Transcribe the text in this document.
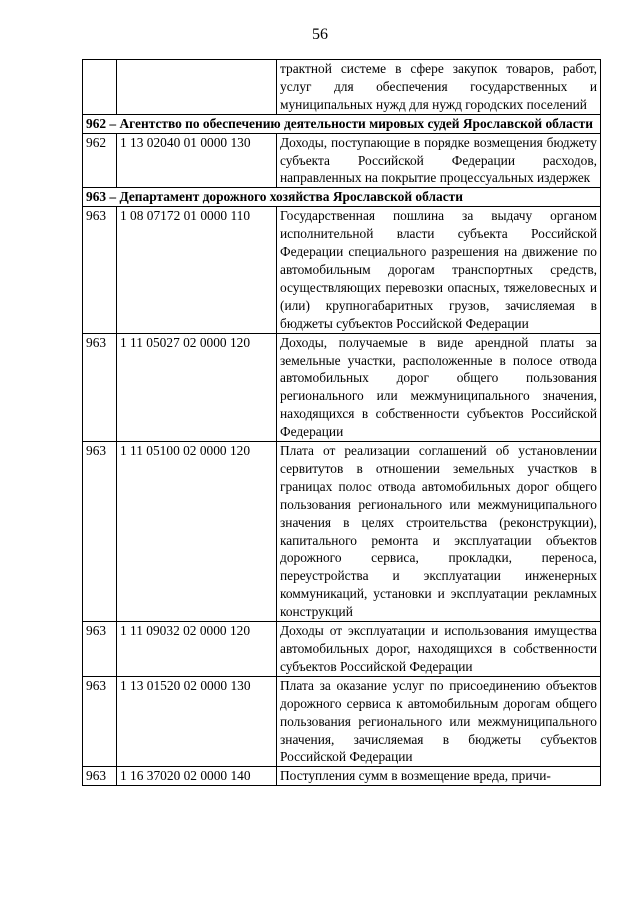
56
		трактной системе в сфере закупок товаров, работ, услуг для обеспечения государственных и муниципальных нужд для нужд городских поселений
962 – Агентство по обеспечению деятельности мировых судей Ярославской области		
962	1 13 02040 01 0000 130	Доходы, поступающие в порядке возмещения бюджету субъекта Российской Федерации расходов, направленных на покрытие процессуальных издержек
963 – Департамент дорожного хозяйства Ярославской области		
963	1 08 07172 01 0000 110	Государственная пошлина за выдачу органом исполнительной власти субъекта Российской Федерации специального разрешения на движение по автомобильным дорогам транспортных средств, осуществляющих перевозки опасных, тяжеловесных и (или) крупногабаритных грузов, зачисляемая в бюджеты субъектов Российской Федерации
963	1 11 05027 02 0000 120	Доходы, получаемые в виде арендной платы за земельные участки, расположенные в полосе отвода автомобильных дорог общего пользования регионального или межмуниципального значения, находящихся в собственности субъектов Российской Федерации
963	1 11 05100 02 0000 120	Плата от реализации соглашений об установлении сервитутов в отношении земельных участков в границах полос отвода автомобильных дорог общего пользования регионального или межмуниципального значения в целях строительства (реконструкции), капитального ремонта и эксплуатации объектов дорожного сервиса, прокладки, переноса, переустройства и эксплуатации инженерных коммуникаций, установки и эксплуатации рекламных конструкций
963	1 11 09032 02 0000 120	Доходы от эксплуатации и использования имущества автомобильных дорог, находящихся в собственности субъектов Российской Федерации
963	1 13 01520 02 0000 130	Плата за оказание услуг по присоединению объектов дорожного сервиса к автомобильным дорогам общего пользования регионального или межмуниципального значения, зачисляемая в бюджеты субъектов Российской Федерации
963	1 16 37020 02 0000 140	Поступления сумм в возмещение вреда, причи-
